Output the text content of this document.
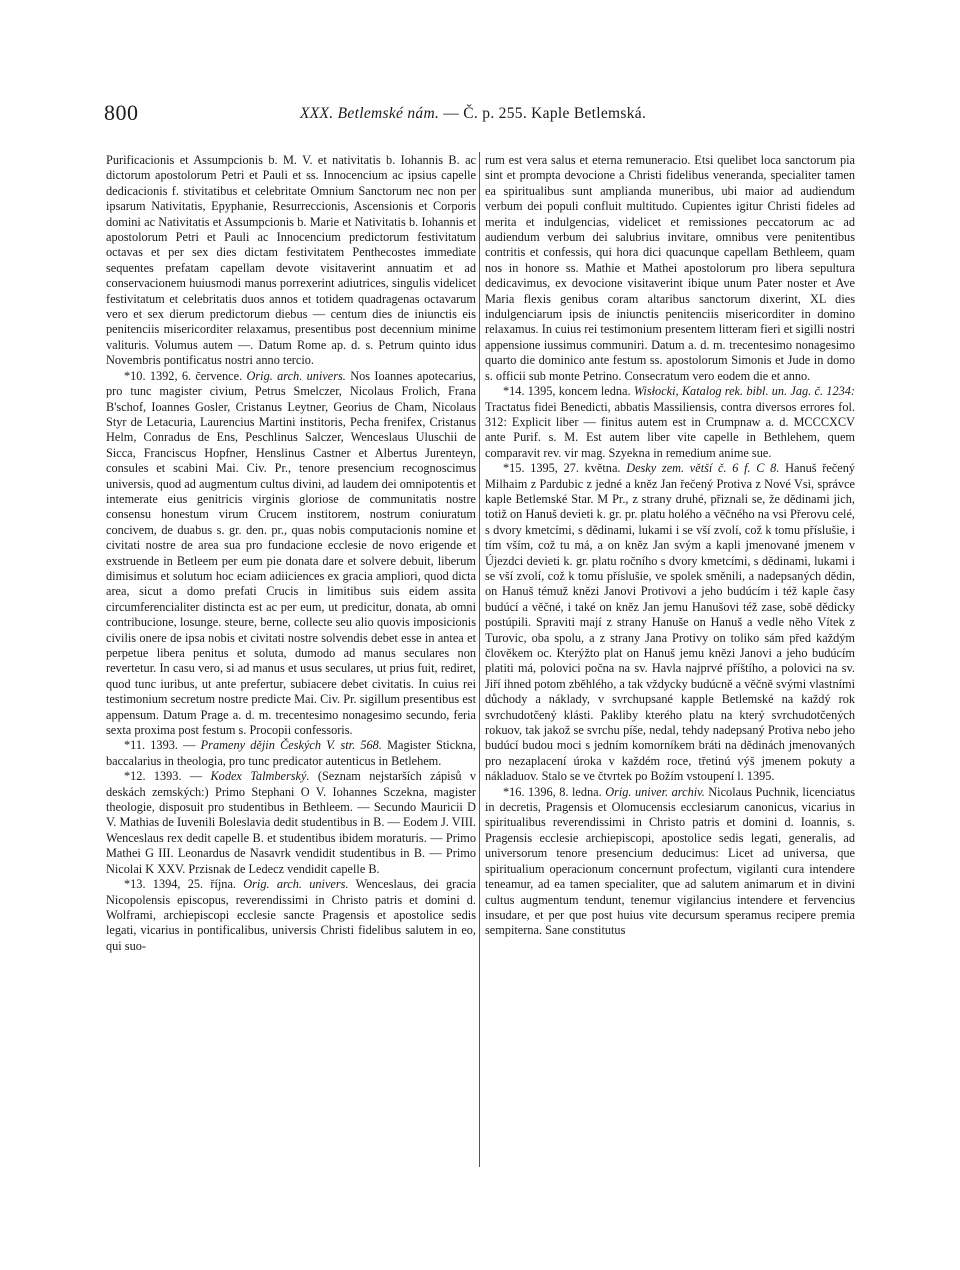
800	XXX. Betlemské nám. — Č. p. 255. Kaple Betlemská.

Purificacionis et Assumpcionis b. M. V. et nativitatis b. Iohannis B. ac dictorum apostolorum Petri et Pauli et ss. Innocencium ac ipsius capelle dedicacionis f. stivitatibus et celebritate Omnium Sanctorum nec non per ipsarum Nativitatis, Epyphanie, Resurreccionis, Ascensionis et Corporis domini ac Nativitatis et Assumpcionis b. Marie et Nativitatis b. Iohannis et apostolorum Petri et Pauli ac Innocencium predictorum festivitatum octavas et per sex dies dictam festivitatem Penthecostes immediate sequentes prefatam capellam devote visitaverint annuatim et ad conservacionem huiusmodi manus porrexerint adiutrices, singulis videlicet festivitatum et celebritatis duos annos et totidem quadragenas octavarum vero et sex dierum predictorum diebus — centum dies de iniunctis eis penitenciis misericorditer relaxamus, presentibus post decennium minime valituris. Volumus autem —. Datum Rome ap. d. s. Petrum quinto idus Novembris pontificatus nostri anno tercio.

*10. 1392, 6. července. Orig. arch. univers. Nos Ioannes apotecarius, pro tunc magister civium, Petrus Smelczer, Nicolaus Frolich, Frana B'schof, Ioannes Gosler, Cristanus Leytner, Georius de Cham, Nicolaus Styr de Letacuria, Laurencius Martini institoris, Pecha frenifex, Cristanus Helm, Conradus de Ens, Peschlinus Salczer, Wenceslaus Uluschii de Sicca, Franciscus Hopfner, Henslinus Castner et Albertus Jurenteyn, consules et scabini Mai. Civ. Pr., tenore presencium recognoscimus universis, quod ad augmentum cultus divini, ad laudem dei omnipotentis et intemerate eius genitricis virginis gloriose de communitatis nostre consensu honestum virum Crucem institorem, nostrum coniuratum concivem, de duabus s. gr. den. pr., quas nobis computacionis nomine et civitati nostre de area sua pro fundacione ecclesie de novo erigende et exstruende in Betleem per eum pie donata dare et solvere debuit, liberum dimisimus et solutum hoc eciam adiiciences ex gracia ampliori, quod dicta area, sicut a domo prefati Crucis in limitibus suis eidem assita circumferencialiter distincta est ac per eum, ut predicitur, donata, ab omni contribucione, losunge. steure, berne, collecte seu alio quovis imposicionis civilis onere de ipsa nobis et civitati nostre solvendis debet esse in antea et perpetue libera penitus et soluta, dumodo ad manus seculares non revertetur. In casu vero, si ad manus et usus seculares, ut prius fuit, rediret, quod tunc iuribus, ut ante prefertur, subiacere debet civitatis. In cuius rei testimonium secretum nostre predicte Mai. Civ. Pr. sigillum presentibus est appensum. Datum Prage a. d. m. trecentesimo nonagesimo secundo, feria sexta proxima post festum s. Procopii confessoris.

*11. 1393. — Prameny dějin Českých V. str. 568. Magister Stickna, baccalarius in theologia, pro tunc predicator autenticus in Betlehem.

*12. 1393. — Kodex Talmberský. (Seznam nejstarších zápisů v deskách zemských:) Primo Stephani O V. Iohannes Sczekna, magister theologie, disposuit pro studentibus in Bethleem. — Secundo Mauricii D V. Mathias de Iuvenili Boleslavia dedit studentibus in B. — Eodem J. VIII. Wenceslaus rex dedit capelle B. et studentibus ibidem moraturis. — Primo Mathei G III. Leonardus de Nasavrk vendidit studentibus in B. — Primo Nicolai K XXV. Przisnak de Ledecz vendidit capelle B.

*13. 1394, 25. října. Orig. arch. univers. Wenceslaus, dei gracia Nicopolensis episcopus, reverendissimi in Christo patris et domini d. Wolframi, archiepiscopi ecclesie sancte Pragensis et apostolice sedis legati, vicarius in pontificalibus, universis Christi fidelibus salutem in eo, qui suo-

rum est vera salus et eterna remuneracio. Etsi quelibet loca sanctorum pia sint et prompta devocione a Christi fidelibus veneranda, specialiter tamen ea spiritualibus sunt amplianda muneribus, ubi maior ad audiendum verbum dei populi confluit multitudo. Cupientes igitur Christi fideles ad merita et indulgencias, videlicet et remissiones peccatorum ac ad audiendum verbum dei salubrius invitare, omnibus vere penitentibus contritis et confessis, qui hora dici quacunque capellam Bethleem, quam nos in honore ss. Mathie et Mathei apostolorum pro libera sepultura dedicavimus, ex devocione visitaverint ibique unum Pater noster et Ave Maria flexis genibus coram altaribus sanctorum dixerint, XL dies indulgenciarum ipsis de iniunctis penitenciis misericorditer in domino relaxamus. In cuius rei testimonium presentem litteram fieri et sigilli nostri appensione iussimus communiri. Datum a. d. m. trecentesimo nonagesimo quarto die dominico ante festum ss. apostolorum Simonis et Jude in domo s. officii sub monte Petrino. Consecratum vero eodem die et anno.

*14. 1395, koncem ledna. Wisłocki, Katalog rek. bibl. un. Jag. č. 1234: Tractatus fidei Benedicti, abbatis Massiliensis, contra diversos errores fol. 312: Explicit liber — finitus autem est in Crumpnaw a. d. MCCCXCV ante Purif. s. M. Est autem liber vite capelle in Bethlehem, quem comparavit rev. vir mag. Szyekna in remedium anime sue.

*15. 1395, 27. května. Desky zem. větší č. 6 f. C 8. Hanuš řečený Milhaim z Pardubic z jedné a kněz Jan řečený Protiva z Nové Vsi, správce kaple Betlemské Star. M Pr., z strany druhé, přiznali se, že dědinami jich, totiž on Hanuš devieti k. gr. pr. platu holého a věčného na vsi Přerovu celé, s dvory kmetcími, s dědinami, lukami i se vší zvolí, což k tomu příslušie, i tím vším, což tu má, a on kněz Jan svým a kapli jmenované jmenem v Újezdci devieti k. gr. platu ročního s dvory kmetcími, s dědinami, lukami i se vší zvolí, což k tomu příslušie, ve spolek směnili, a nadepsaných dědin, on Hanuš témuž knězi Janovi Protivovi a jeho budúcím i též kaple časy budúcí a věčné, i také on kněz Jan jemu Hanušovi též zase, sobě dědicky postúpili. Spraviti mají z strany Hanuše on Hanuš a vedle něho Vítek z Turovic, oba spolu, a z strany Jana Protivy on toliko sám před každým člověkem oc. Kterýžto plat on Hanuš jemu knězi Janovi a jeho budúcím platiti má, polovici počna na sv. Havla najprvé příštího, a polovici na sv. Jiří ihned potom zběhlého, a tak vždycky budúcně a věčně svými vlastními důchody a náklady, v svrchupsané kapple Betlemské na každý rok svrchudotčený klásti. Pakliby kterého platu na který svrchudotčených rokuov, tak jakož se svrchu píše, nedal, tehdy nadepsaný Protiva nebo jeho budúcí budou moci s jedním komorníkem bráti na dědinách jmenovaných pro nezaplacení úroka v každém roce, třetinú výš jmenem pokuty a nákladuov. Stalo se ve čtvrtek po Božím vstoupení l. 1395.

*16. 1396, 8. ledna. Orig. univer. archiv. Nicolaus Puchnik, licenciatus in decretis, Pragensis et Olomucensis ecclesiarum canonicus, vicarius in spiritualibus reverendissimi in Christo patris et domini d. Ioannis, s. Pragensis ecclesie archiepiscopi, apostolice sedis legati, generalis, ad universorum tenore presencium deducimus: Licet ad universa, que spiritualium operacionum concernunt profectum, vigilanti cura intendere teneamur, ad ea tamen specialiter, que ad salutem animarum et in divini cultus augmentum tendunt, tenemur vigilancius intendere et fervencius insudare, et per que post huius vite decursum speramus recipere premia sempiterna. Sane constitutus
